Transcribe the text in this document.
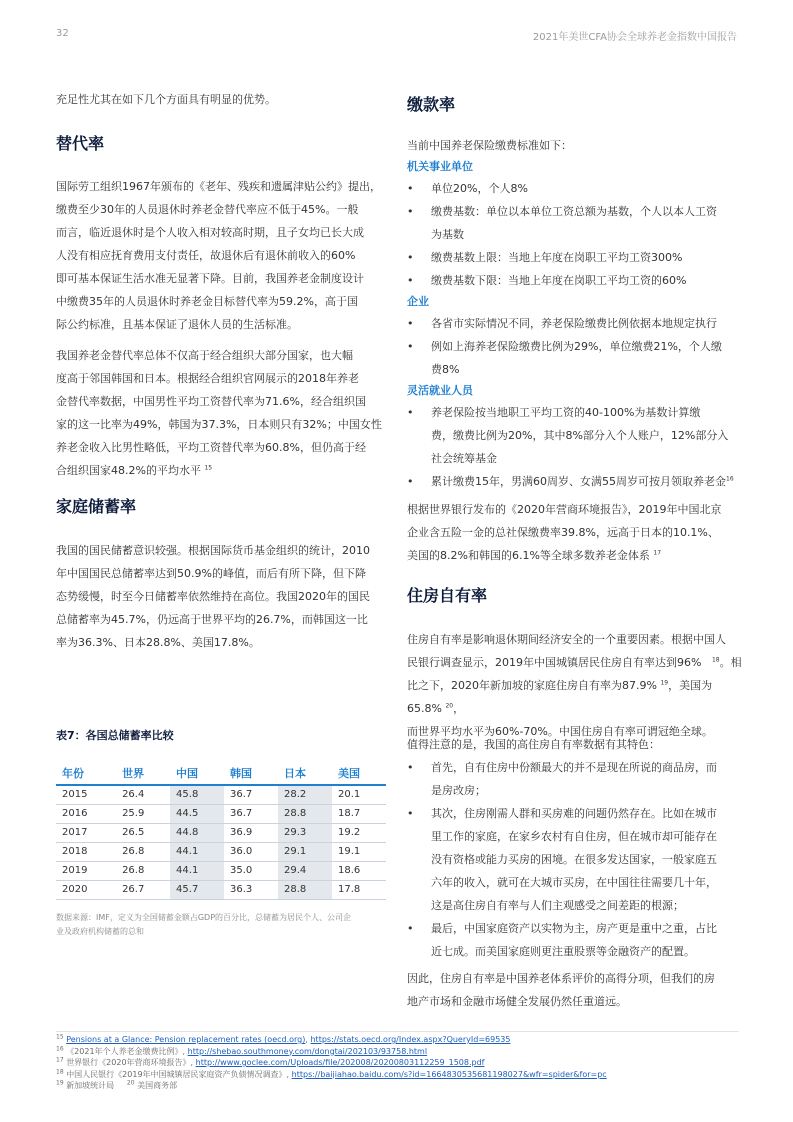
32	2021年美世CFA协会全球养老金指数中国报告
充足性尤其在如下几个方面具有明显的优势。
替代率
国际劳工组织1967年颁布的《老年、残疾和遗属津贴公约》提出，
缴费至少30年的人员退休时养老金替代率应不低于45%。一般
而言，临近退休时是个人收入相对较高时期，且子女均已长大成
人没有相应抚育费用支付责任，故退休后有退休前收入的60%
即可基本保证生活水准无显著下降。目前，我国养老金制度设计
中缴费35年的人员退休时养老金目标替代率为59.2%，高于国
际公约标准，且基本保证了退休人员的生活标准。
我国养老金替代率总体不仅高于经合组织大部分国家，也大幅
度高于邻国韩国和日本。根据经合组织官网展示的2018年养老
金替代率数据，中国男性平均工资替代率为71.6%，经合组织国
家的这一比率为49%，韩国为37.3%，日本则只有32%；中国女性
养老金收入比男性略低，平均工资替代率为60.8%，但仍高于经
合组织国家48.2%的平均水平 $^{15}$
家庭储蓄率
我国的国民储蓄意识较强。根据国际货币基金组织的统计，2010
年中国国民总储蓄率达到50.9%的峰值，而后有所下降，但下降
态势缓慢，时至今日储蓄率依然维持在高位。我国2020年的国民
总储蓄率为45.7%，仍远高于世界平均的26.7%，而韩国这一比
率为36.3%、日本28.8%、美国17.8%。
表7：各国总储蓄率比较
年份	世界	中国	韩国	日本	美国
2015	26.4	45.8	36.7	28.2	20.1
2016	25.9	44.5	36.7	28.8	18.7
2017	26.5	44.8	36.9	29.3	19.2
2018	26.8	44.1	36.0	29.1	19.1
2019	26.8	44.1	35.0	29.4	18.6
2020	26.7	45.7	36.3	28.8	17.8
数据来源：IMF，定义为全国储蓄金额占GDP的百分比，总储蓄为居民个人、公司企
业及政府机构储蓄的总和
缴款率
当前中国养老保险缴费标准如下：
机关事业单位
• 单位20%，个人8%
• 缴费基数：单位以本单位工资总额为基数，个人以本人工资
为基数
• 缴费基数上限：当地上年度在岗职工平均工资300%
• 缴费基数下限：当地上年度在岗职工平均工资的60%
企业
• 各省市实际情况不同，养老保险缴费比例依据本地规定执行
• 例如上海养老保险缴费比例为29%，单位缴费21%，个人缴
费8%
灵活就业人员
• 养老保险按当地职工平均工资的40-100%为基数计算缴
费，缴费比例为20%，其中8%部分入个人账户，12%部分入
社会统筹基金
• 累计缴费15年，男满60周岁、女满55周岁可按月领取养老金$^{16}$
根据世界银行发布的《2020年营商环境报告》，2019年中国北京
企业含五险一金的总社保缴费率39.8%，远高于日本的10.1%、
美国的8.2%和韩国的6.1%等全球多数养老金体系 $^{17}$
住房自有率
住房自有率是影响退休期间经济安全的一个重要因素。根据中国人
民银行调查显示，2019年中国城镇居民住房自有率达到96% $^{18}$。相
比之下，2020年新加坡的家庭住房自有率为87.9% $^{19}$，美国为65.8% $^{20}$，
而世界平均水平为60%-70%。中国住房自有率可谓冠绝全球。
值得注意的是，我国的高住房自有率数据有其特色：
• 首先，自有住房中份额最大的并不是现在所说的商品房，而
是房改房；
• 其次，住房刚需人群和买房难的问题仍然存在。比如在城市
里工作的家庭，在家乡农村有自住房，但在城市却可能存在
没有资格或能力买房的困境。在很多发达国家，一般家庭五
六年的收入，就可在大城市买房，在中国往往需要几十年，
这是高住房自有率与人们主观感受之间差距的根源；
• 最后，中国家庭资产以实物为主，房产更是重中之重，占比
近七成。而美国家庭则更注重股票等金融资产的配置。
因此，住房自有率是中国养老体系评价的高得分项，但我们的房
地产市场和金融市场健全发展仍然任重道远。
$^{15}$ Pensions at a Glance: Pension replacement rates (oecd.org), https://stats.oecd.org/Index.aspx?QueryId=69535
$^{16}$ 《2021年个人养老金缴费比例》, http://shebao.southmoney.com/dongtai/202103/93758.html
$^{17}$ 世界银行《2020年营商环境报告》, http://www.goclee.com/Uploads/file/202008/20200803112259_1508.pdf
$^{18}$ 中国人民银行《2019年中国城镇居民家庭资产负债情况调查》, https://baijiahao.baidu.com/s?id=1664830535681198027&wfr=spider&for=pc
$^{19}$ 新加坡统计局 $^{20}$ 美国商务部
